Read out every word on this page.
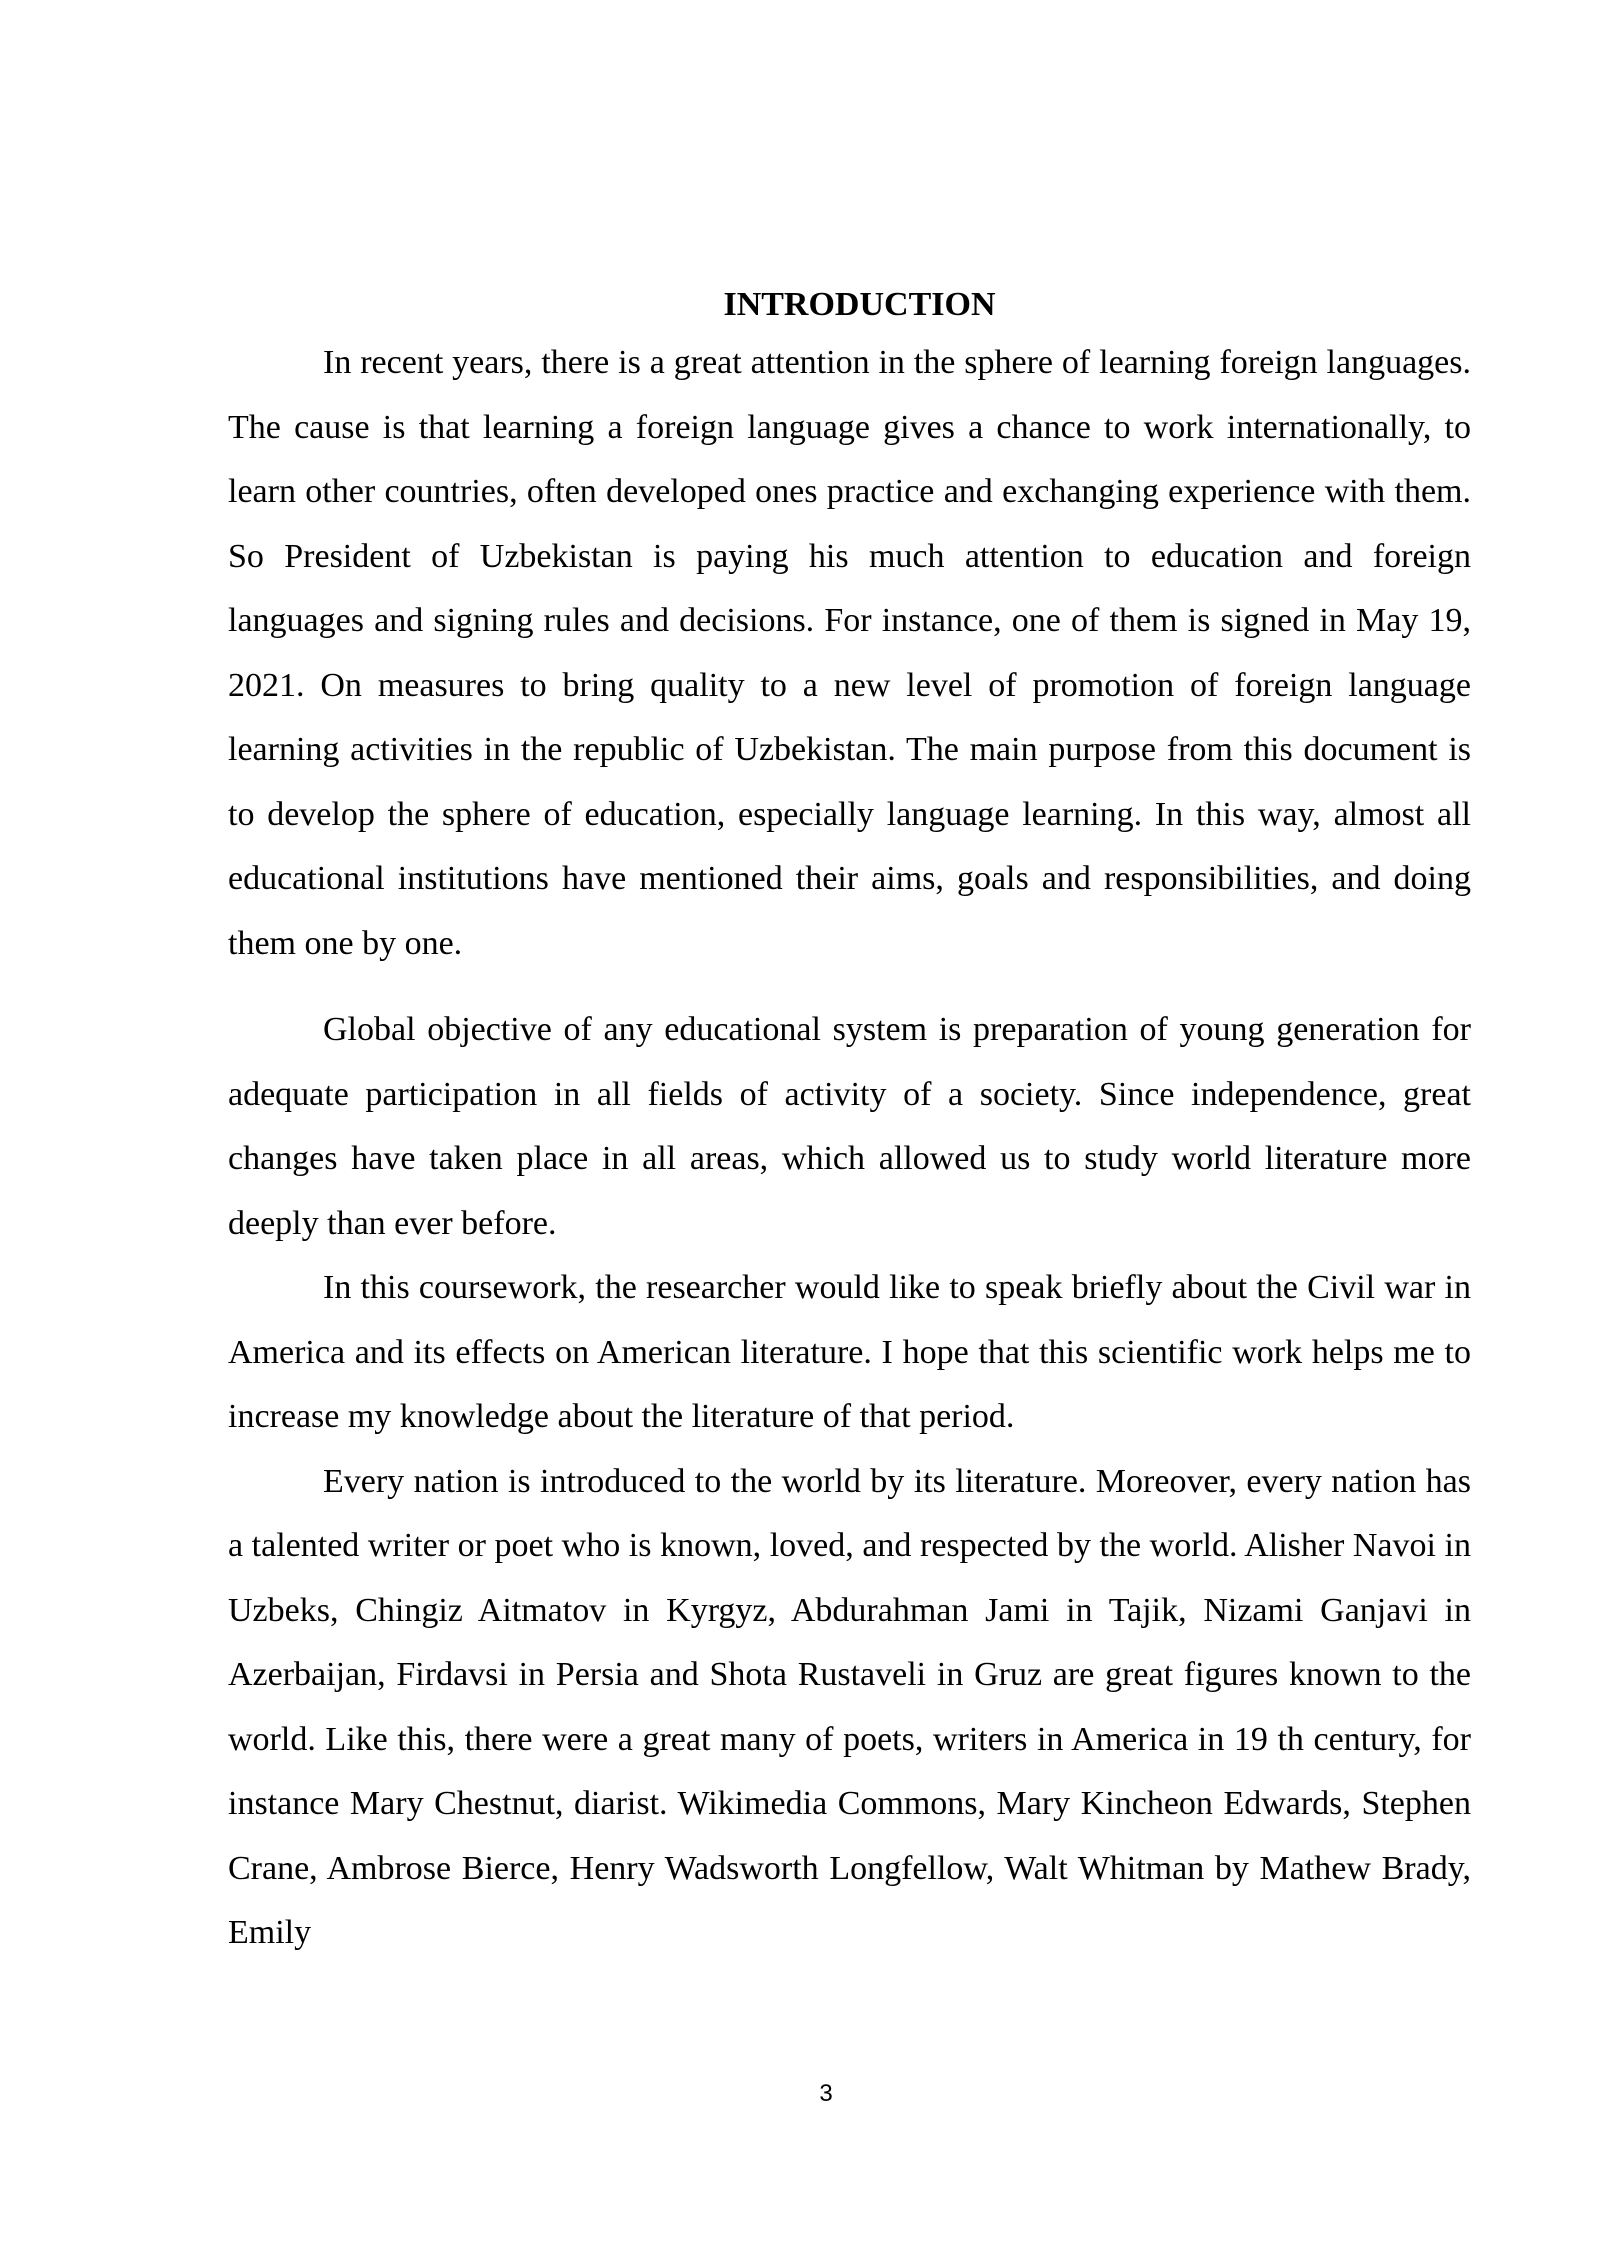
INTRODUCTION

In recent years, there is a great attention in the sphere of learning foreign languages. The cause is that learning a foreign language gives a chance to work internationally, to learn other countries, often developed ones practice and exchanging experience with them. So President of Uzbekistan is paying his much attention to education and foreign languages and signing rules and decisions. For instance, one of them is signed in May 19, 2021. On measures to bring quality to a new level of promotion of foreign language learning activities in the republic of Uzbekistan. The main purpose from this document is to develop the sphere of education, especially language learning. In this way, almost all educational institutions have mentioned their aims, goals and responsibilities, and doing them one by one.

Global objective of any educational system is preparation of young generation for adequate participation in all fields of activity of a society. Since independence, great changes have taken place in all areas, which allowed us to study world literature more deeply than ever before.

In this coursework, the researcher would like to speak briefly about the Civil war in America and its effects on American literature. I hope that this scientific work helps me to increase my knowledge about the literature of that period.

Every nation is introduced to the world by its literature. Moreover, every nation has a talented writer or poet who is known, loved, and respected by the world. Alisher Navoi in Uzbeks, Chingiz Aitmatov in Kyrgyz, Abdurahman Jami in Tajik, Nizami Ganjavi in Azerbaijan, Firdavsi in Persia and Shota Rustaveli in Gruz are great figures known to the world. Like this, there were a great many of poets, writers in America in 19 th century, for instance Mary Chestnut, diarist. Wikimedia Commons, Mary Kincheon Edwards, Stephen Crane, Ambrose Bierce, Henry Wadsworth Longfellow, Walt Whitman by Mathew Brady, Emily

3
